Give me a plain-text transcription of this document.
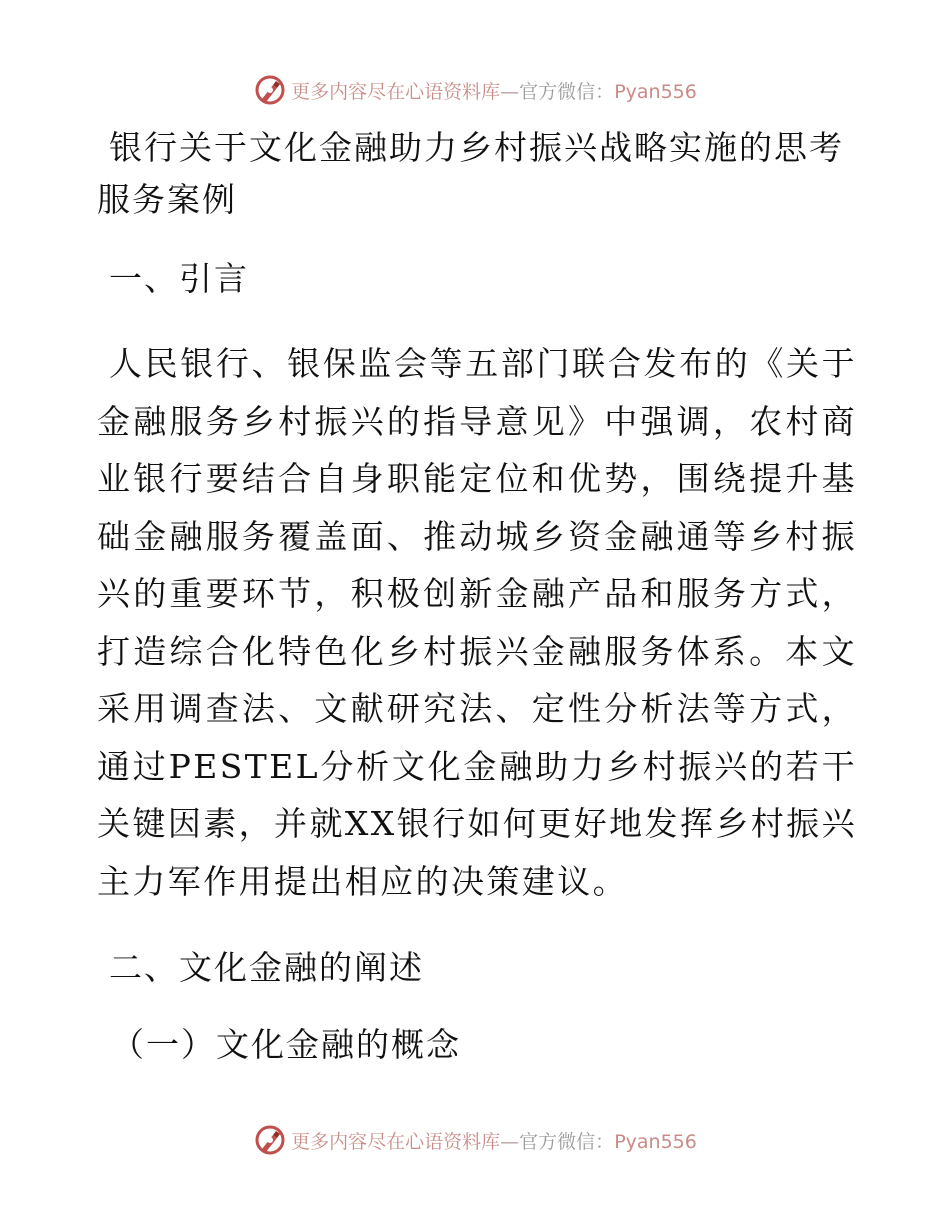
更多内容尽在心语资料库—官方微信：Pyan556
银行关于文化金融助力乡村振兴战略实施的思考服务案例
一、引言

人民银行、银保监会等五部门联合发布的《关于金融服务乡村振兴的指导意见》中强调，农村商业银行要结合自身职能定位和优势，围绕提升基础金融服务覆盖面、推动城乡资金融通等乡村振兴的重要环节，积极创新金融产品和服务方式，打造综合化特色化乡村振兴金融服务体系。本文采用调查法、文献研究法、定性分析法等方式，通过PESTEL分析文化金融助力乡村振兴的若干关键因素，并就XX银行如何更好地发挥乡村振兴主力军作用提出相应的决策建议。

二、文化金融的阐述
（一）文化金融的概念
更多内容尽在心语资料库—官方微信：Pyan556
